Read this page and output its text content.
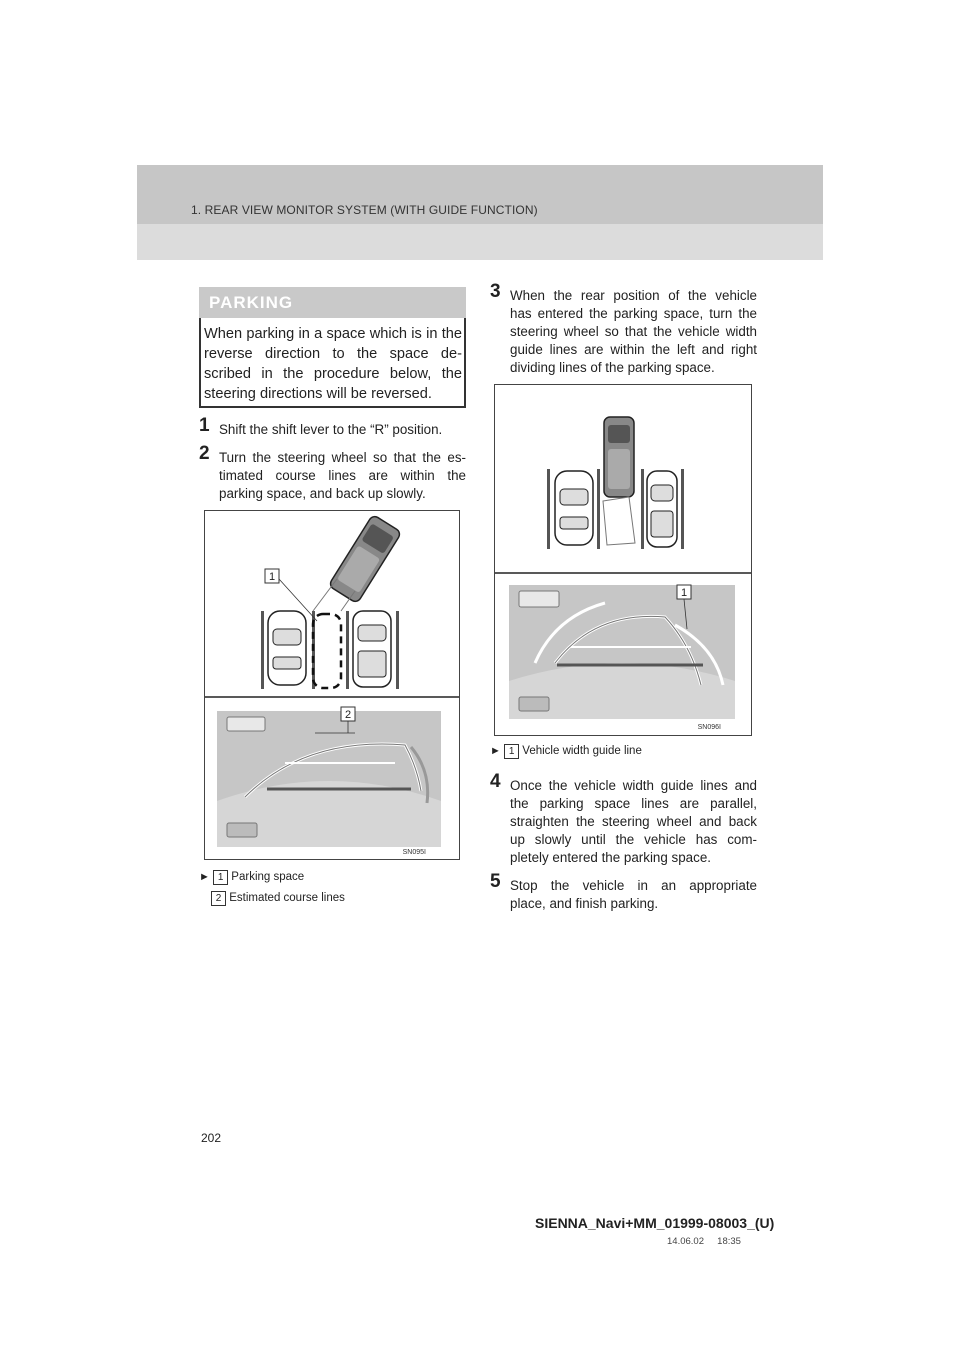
1. REAR VIEW MONITOR SYSTEM (WITH GUIDE FUNCTION)
PARKING

When parking in a space which is in the reverse direction to the space de-scribed in the procedure below, the steering directions will be reversed.

1 Shift the shift lever to the “R” position.
2 Turn the steering wheel so that the es-
timated course lines are within the
parking space, and back up slowly.
1
2
SN095I
► 1 Parking space
2 Estimated course lines
3 When the rear position of the vehicle
has entered the parking space, turn the
steering wheel so that the vehicle width
guide lines are within the left and right
dividing lines of the parking space.
1
SN096I
► 1 Vehicle width guide line
4 Once the vehicle width guide lines and
the parking space lines are parallel,
straighten the steering wheel and back
up slowly until the vehicle has com-
pletely entered the parking space.
5 Stop the vehicle in an appropriate
place, and finish parking.
202
SIENNA_Navi+MM_01999-08003_(U)
14.06.02     18:35
